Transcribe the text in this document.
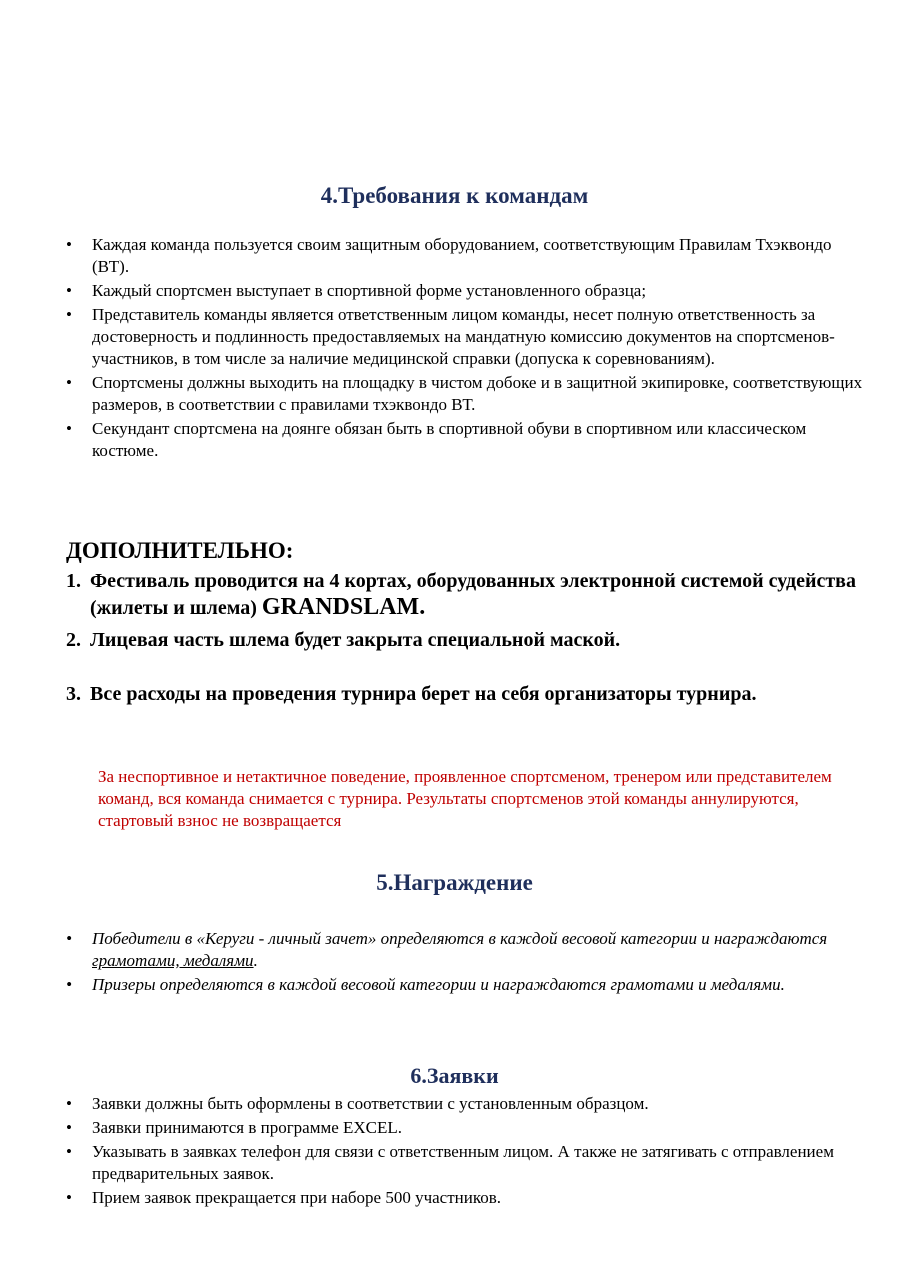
4.Требования к командам
• Каждая команда пользуется своим защитным оборудованием, соответствующим Правилам Тхэквондо (ВТ).
• Каждый спортсмен выступает в спортивной форме установленного образца;
• Представитель команды является ответственным лицом команды, несет полную ответственность за достоверность и подлинность предоставляемых на мандатную комиссию документов на спортсменов-участников, в том числе за наличие медицинской справки (допуска к соревнованиям).
• Спортсмены должны выходить на площадку в чистом добоке и в защитной экипировке, соответствующих размеров, в соответствии с правилами тхэквондо ВТ.
• Секундант спортсмена на доянге обязан быть в спортивной обуви в спортивном или классическом костюме.
ДОПОЛНИТЕЛЬНО:
1. Фестиваль проводится на 4 кортах, оборудованных электронной системой судейства (жилеты и шлема) GRANDSLAM.
2. Лицевая часть шлема будет закрыта специальной маской.
3. Все расходы на проведения турнира берет на себя организаторы турнира.

За неспортивное и нетактичное поведение, проявленное спортсменом, тренером или представителем команд, вся команда снимается с турнира. Результаты спортсменов этой команды аннулируются, стартовый взнос не возвращается

5.Награждение
• Победители в «Керуги - личный зачет» определяются в каждой весовой категории и награждаются грамотами, медалями.
• Призеры определяются в каждой весовой категории и награждаются грамотами и медалями.
6.Заявки
• Заявки должны быть оформлены в соответствии с установленным образцом.
• Заявки принимаются в программе EXCEL.
• Указывать в заявках телефон для связи с ответственным лицом. А также не затягивать с отправлением предварительных заявок.
• Прием заявок прекращается при наборе 500 участников.
